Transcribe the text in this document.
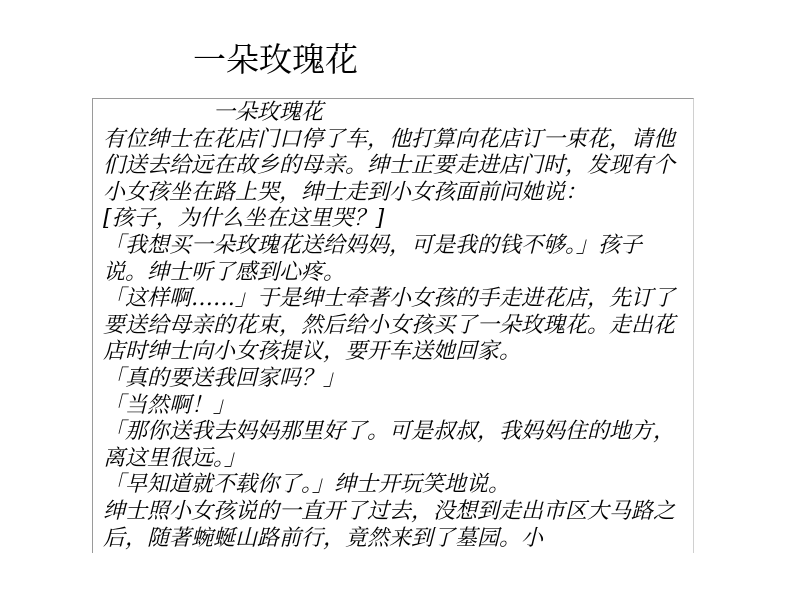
一朵玫瑰花

一朵玫瑰花

有位绅士在花店门口停了车，他打算向花店订一束花，请他们送去给远在故乡的母亲。绅士正要走进店门时，发现有个小女孩坐在路上哭，绅士走到小女孩面前问她说：

[孩子，为什么坐在这里哭？]

「我想买一朵玫瑰花送给妈妈，可是我的钱不够。」孩子说。绅士听了感到心疼。

「这样啊……」于是绅士牵著小女孩的手走进花店，先订了要送给母亲的花束，然后给小女孩买了一朵玫瑰花。走出花店时绅士向小女孩提议，要开车送她回家。

「真的要送我回家吗？」

「当然啊！」

「那你送我去妈妈那里好了。可是叔叔，我妈妈住的地方，离这里很远。」

「早知道就不载你了。」绅士开玩笑地说。

绅士照小女孩说的一直开了过去，没想到走出市区大马路之后，随著蜿蜒山路前行，竟然来到了墓园。小
